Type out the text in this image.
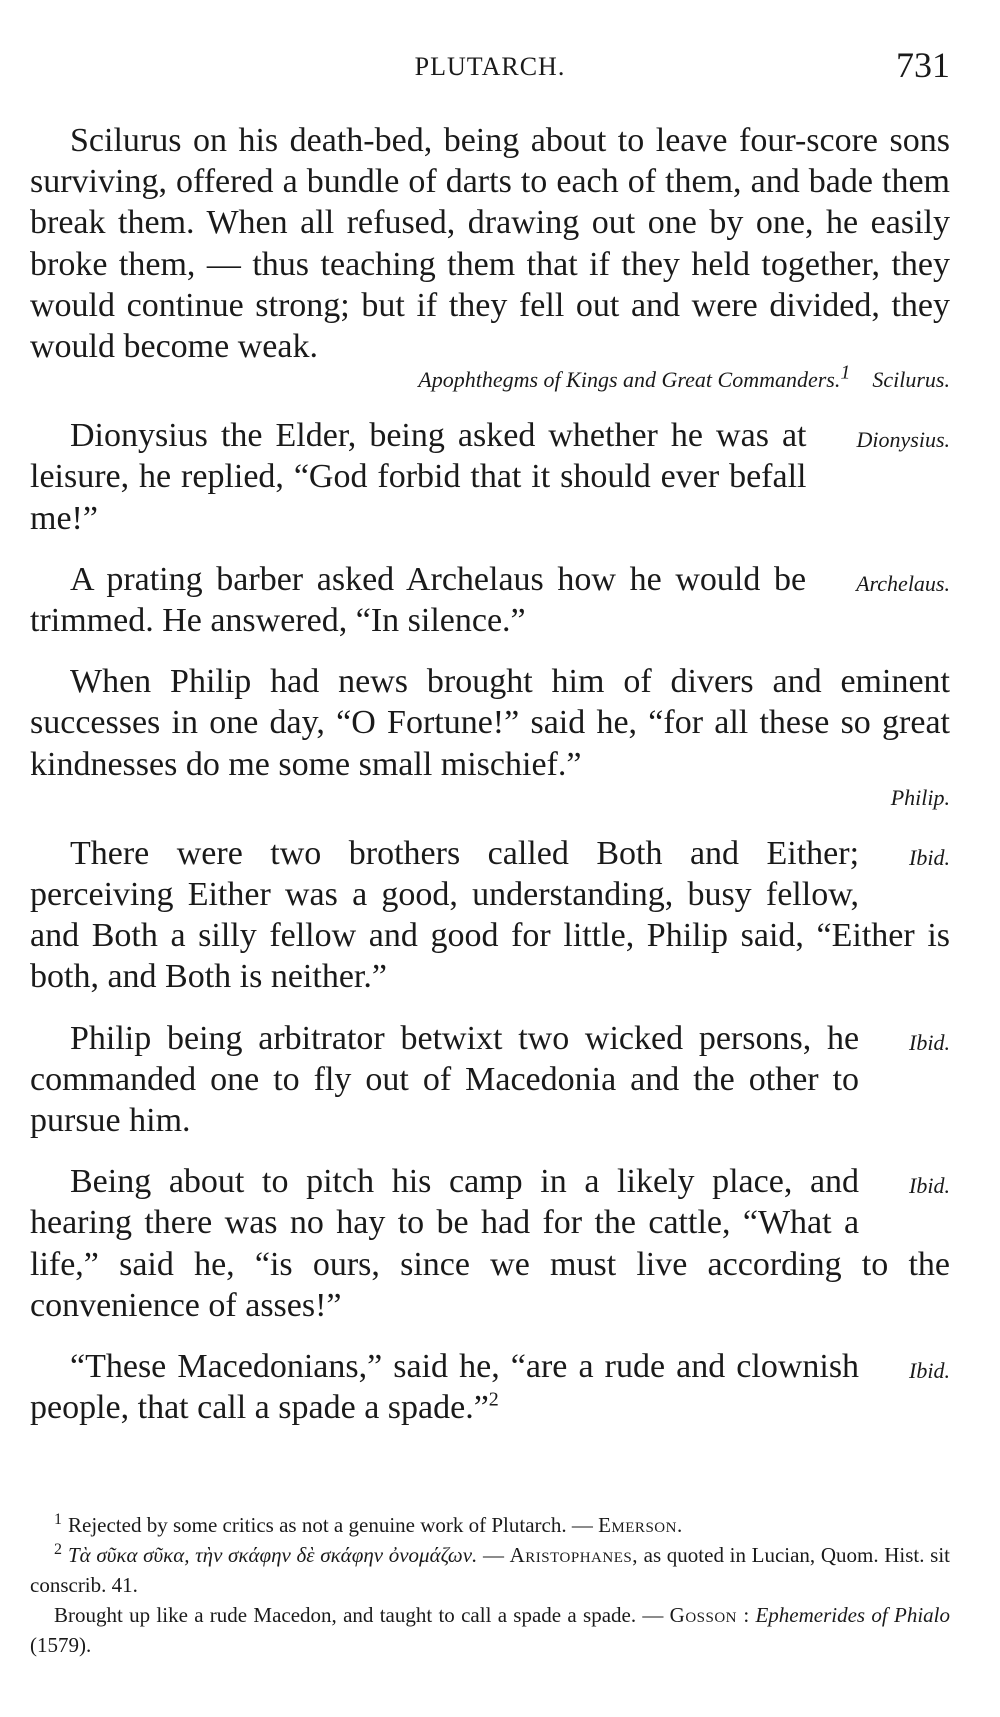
PLUTARCH.	731

Scilurus on his death-bed, being about to leave four-score sons surviving, offered a bundle of darts to each of them, and bade them break them. When all refused, drawing out one by one, he easily broke them, — thus teaching them that if they held together, they would continue strong; but if they fell out and were divided, they would become weak.

Apophthegms of Kings and Great Commanders.1 Scilurus.

Dionysius.
Dionysius the Elder, being asked whether he was at leisure, he replied, “God forbid that it should ever befall me!”

Archelaus.
A prating barber asked Archelaus how he would be trimmed. He answered, “In silence.”

When Philip had news brought him of divers and eminent successes in one day, “O Fortune!” said he, “for all these so great kindnesses do me some small mischief.”

Philip.

Ibid.
There were two brothers called Both and Either; perceiving Either was a good, understanding, busy fellow, and Both a silly fellow and good for little, Philip said, “Either is both, and Both is neither.”

Ibid.
Philip being arbitrator betwixt two wicked persons, he commanded one to fly out of Macedonia and the other to pursue him.

Ibid.
Being about to pitch his camp in a likely place, and hearing there was no hay to be had for the cattle, “What a life,” said he, “is ours, since we must live according to the convenience of asses!”

Ibid.
“These Macedonians,” said he, “are a rude and clownish people, that call a spade a spade.”$^2$

$^1$ Rejected by some critics as not a genuine work of Plutarch. — Emerson.

$^2$ Τὰ σῦκα σῦκα, τὴν σκάφην δὲ σκάφην ὀνομάζων. — Aristophanes, as quoted in Lucian, Quom. Hist. sit conscrib. 41.

Brought up like a rude Macedon, and taught to call a spade a spade. — Gosson : Ephemerides of Phialo (1579).
